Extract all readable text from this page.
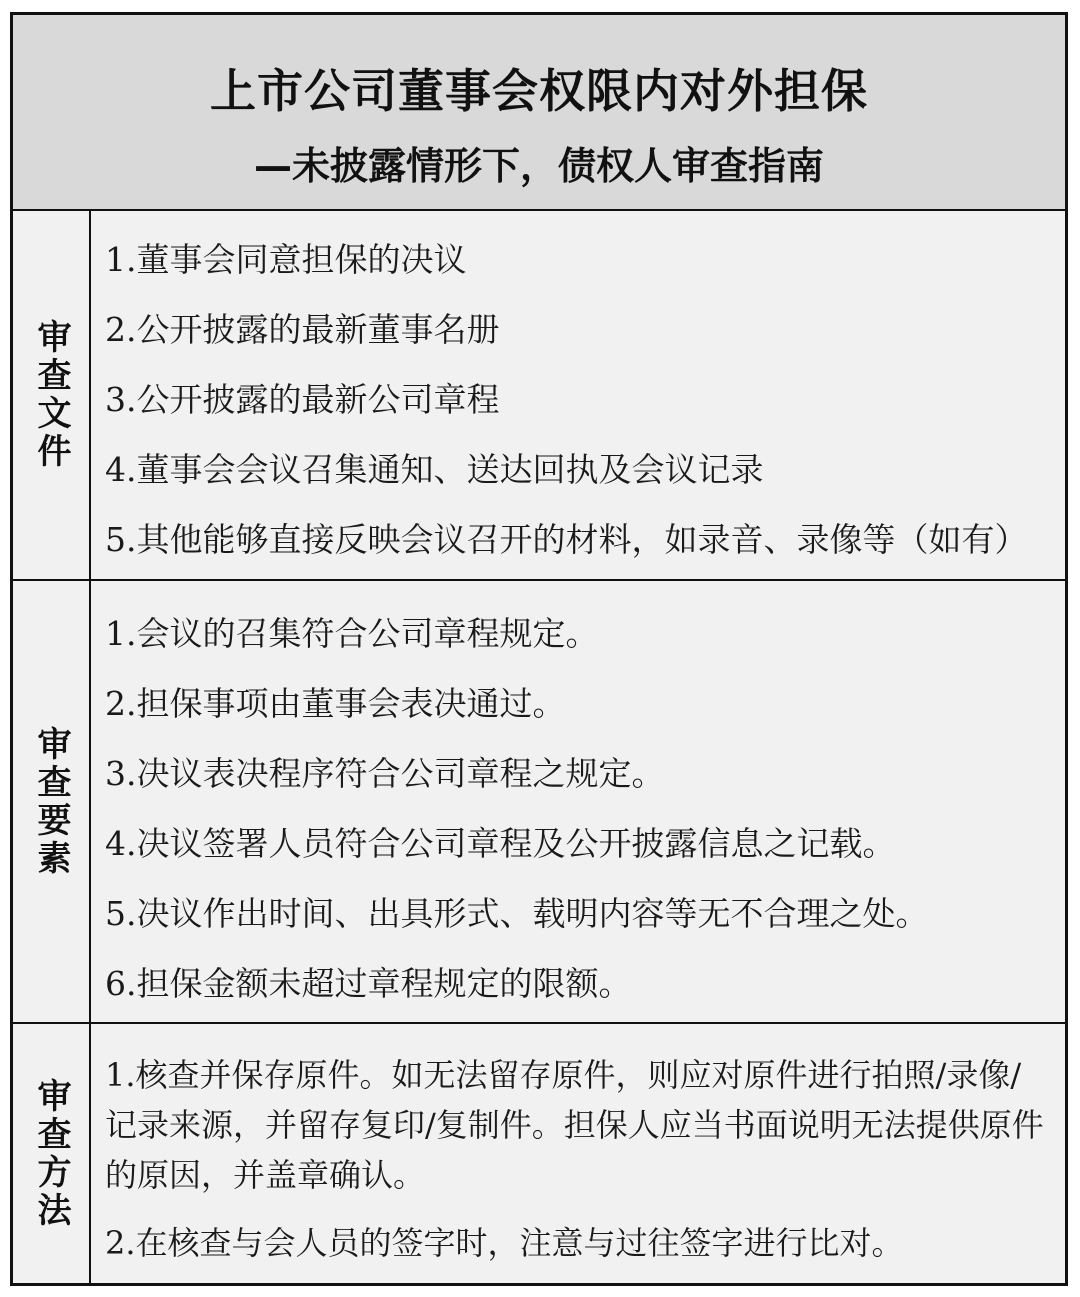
上市公司董事会权限内对外担保
—未披露情形下，债权人审查指南
审查文件
1.董事会同意担保的决议
2.公开披露的最新董事名册
3.公开披露的最新公司章程
4.董事会会议召集通知、送达回执及会议记录
5.其他能够直接反映会议召开的材料，如录音、录像等（如有）
审查要素
1.会议的召集符合公司章程规定。
2.担保事项由董事会表决通过。
3.决议表决程序符合公司章程之规定。
4.决议签署人员符合公司章程及公开披露信息之记载。
5.决议作出时间、出具形式、载明内容等无不合理之处。
6.担保金额未超过章程规定的限额。
审查方法
1.核查并保存原件。如无法留存原件，则应对原件进行拍照/录像/记录来源，并留存复印/复制件。担保人应当书面说明无法提供原件的原因，并盖章确认。
2.在核查与会人员的签字时，注意与过往签字进行比对。
